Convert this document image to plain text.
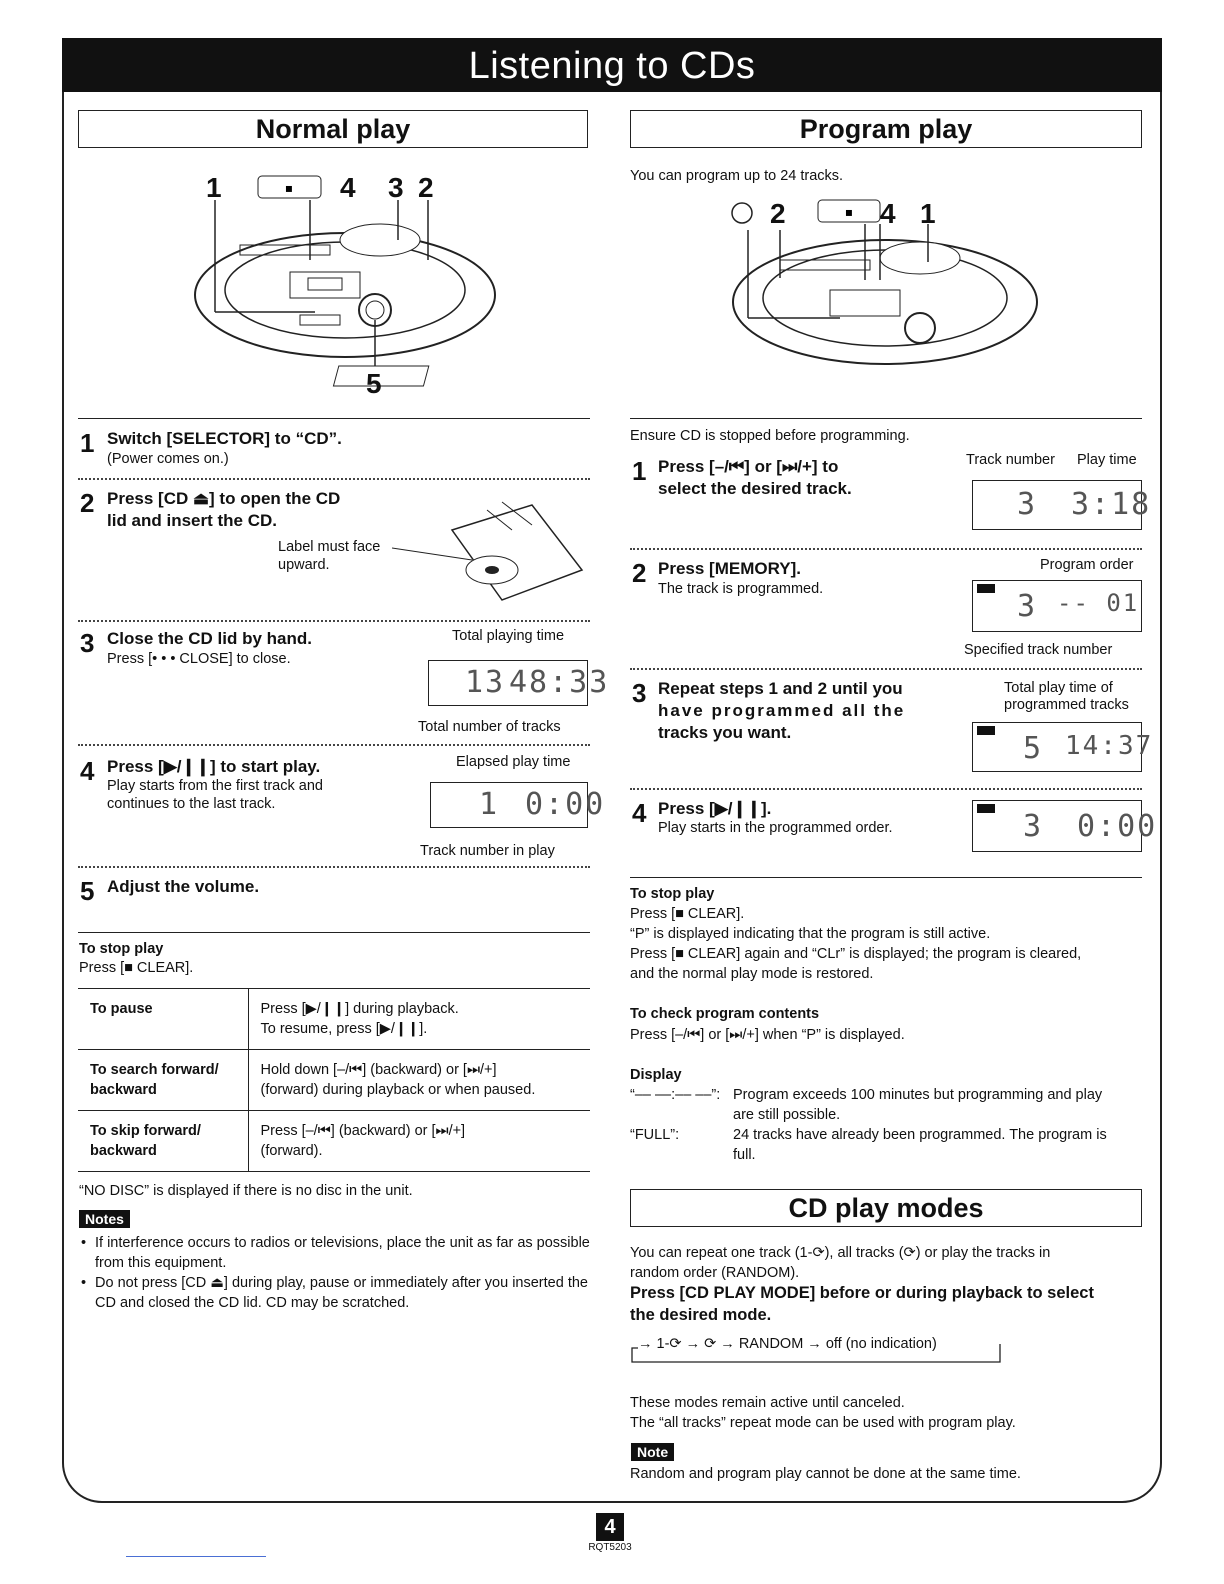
Listening to CDs
Normal play
▪
1	4 3 2
5
1 Switch [SELECTOR] to “CD”.
(Power comes on.)
2 Press [CD ⏏] to open the CD
lid and insert the CD.
Label must face
upward.
3 Close the CD lid by hand.
Press [• • • CLOSE] to close.
Total playing time
13 48:33
Total number of tracks
4 Press [▶/❙❙] to start play.
Play starts from the first track and
continues to the last track.
Elapsed play time
1 0:00
Track number in play
5 Adjust the volume.
To stop play
Press [■ CLEAR].
To pause	Press [▶/❙❙] during playback.
To resume, press [▶/❙❙].
To search forward/
backward	Hold down [–/⏮] (backward) or [⏭/+]
(forward) during playback or when paused.
To skip forward/
backward	Press [–/⏮] (backward) or [⏭/+]
(forward).
“NO DISC” is displayed if there is no disc in the unit.
Notes
• If interference occurs to radios or televisions, place the unit as far as possible from this equipment.
• Do not press [CD ⏏] during play, pause or immediately after you inserted the CD and closed the CD lid. CD may be scratched.
Program play
You can program up to 24 tracks.
▪
2	4 1
Ensure CD is stopped before programming.
1 Press [–/⏮] or [⏭/+] to
select the desired track.
Track number Play time
3 3:18
2 Press [MEMORY].
The track is programmed.
Program order
3 -- 01
Specified track number
3 Repeat steps 1 and 2 until you
have programmed all the
tracks you want.
Total play time of
programmed tracks
5 14:37
4 Press [▶/❙❙].
Play starts in the programmed order.	3 0:00
To stop play
Press [■ CLEAR].
“P” is displayed indicating that the program is still active.
Press [■ CLEAR] again and “CLr” is displayed; the program is cleared,
and the normal play mode is restored.
To check program contents
Press [–/⏮] or [⏭/+] when “P” is displayed.
Display
“–– ––:–– ––”: Program exceeds 100 minutes but programming and play
are still possible.
“FULL”:	24 tracks have already been programmed. The program is
full.
CD play modes
You can repeat one track (1-⟳), all tracks (⟳) or play the tracks in
random order (RANDOM).
Press [CD PLAY MODE] before or during playback to select
the desired mode.
→ 1-⟳ → ⟳ → RANDOM → off (no indication)
These modes remain active until canceled.
The “all tracks” repeat mode can be used with program play.
Note
Random and program play cannot be done at the same time.
4
RQT5203
